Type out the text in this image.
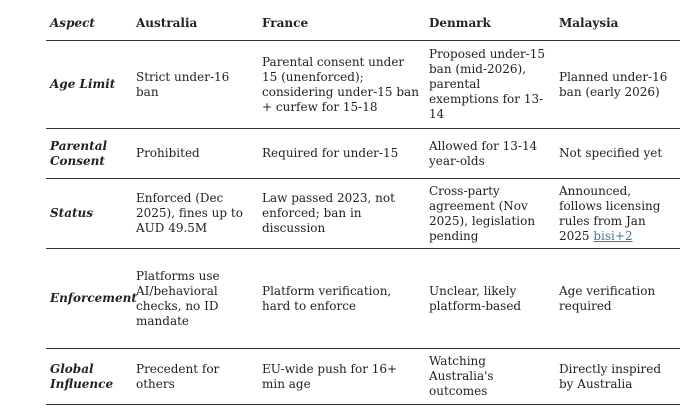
Aspect	Australia	France	Denmark	Malaysia
Age Limit	Strict under-16 ban	Parental consent under 15 (unenforced); considering under-15 ban + curfew for 15-18	Proposed under-15 ban (mid-2026), parental exemptions for 13-14	Planned under-16 ban (early 2026)
Parental Consent	Prohibited	Required for under-15	Allowed for 13-14 year-olds	Not specified yet
Status	Enforced (Dec 2025), fines up to AUD 49.5M	Law passed 2023, not enforced; ban in discussion	Cross-party agreement (Nov 2025), legislation pending	Announced, follows licensing rules from Jan 2025 bisi+2
Enforcement	Platforms use AI/behavioral checks, no ID mandate	Platform verification, hard to enforce	Unclear, likely platform-based	Age verification required
Global Influence	Precedent for others	EU-wide push for 16+ min age	Watching Australia's outcomes	Directly inspired by Australia
